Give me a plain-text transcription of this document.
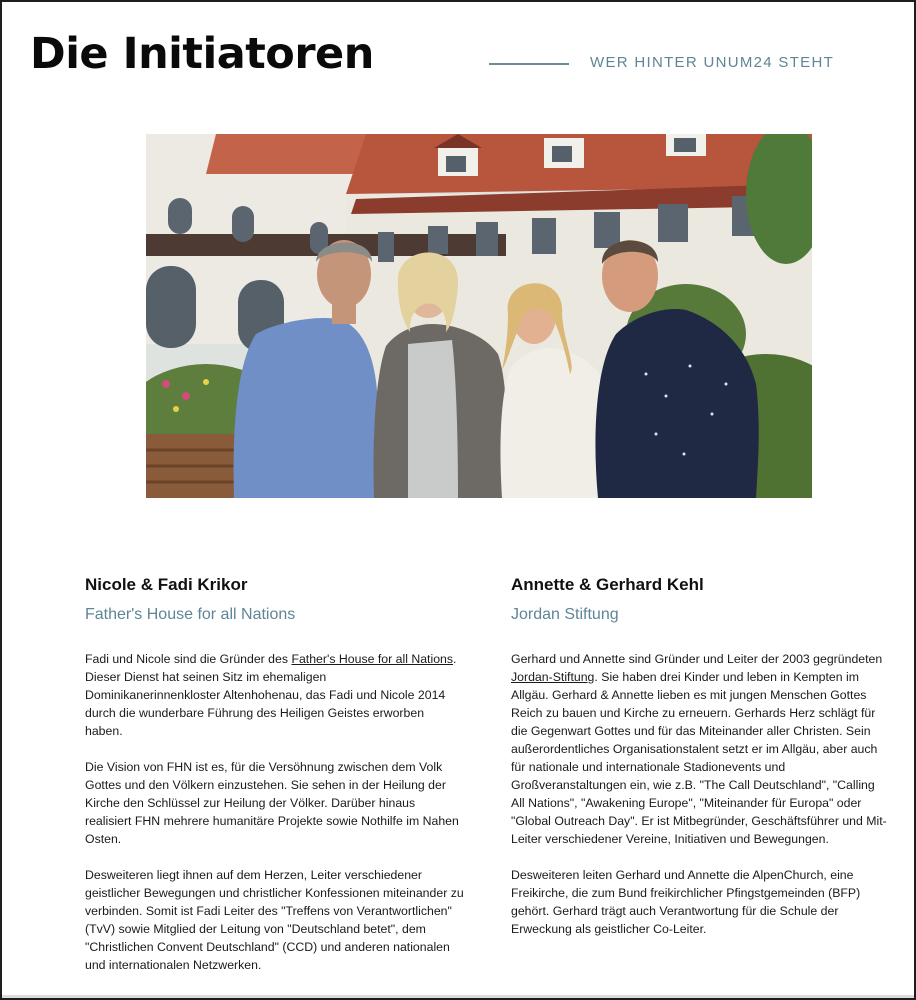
Die Initiatoren	WER HINTER UNUM24 STEHT
Nicole & Fadi Krikor
Father's House for all Nations

Fadi und Nicole sind die Gründer des Father's House for all Nations. Dieser Dienst hat seinen Sitz im ehemaligen Dominikanerinnenkloster Altenhohenau, das Fadi und Nicole 2014 durch die wunderbare Führung des Heiligen Geistes erworben haben.

Die Vision von FHN ist es, für die Versöhnung zwischen dem Volk Gottes und den Völkern einzustehen. Sie sehen in der Heilung der Kirche den Schlüssel zur Heilung der Völker. Darüber hinaus realisiert FHN mehrere humanitäre Projekte sowie Nothilfe im Nahen Osten.

Desweiteren liegt ihnen auf dem Herzen, Leiter verschiedener geistlicher Bewegungen und christlicher Konfessionen miteinander zu verbinden. Somit ist Fadi Leiter des "Treffens von Verantwortlichen" (TvV) sowie Mitglied der Leitung von "Deutschland betet", dem "Christlichen Convent Deutschland" (CCD) und anderen nationalen und internationalen Netzwerken.

Annette & Gerhard Kehl
Jordan Stiftung

Gerhard und Annette sind Gründer und Leiter der 2003 gegründeten Jordan-Stiftung. Sie haben drei Kinder und leben in Kempten im Allgäu. Gerhard & Annette lieben es mit jungen Menschen Gottes Reich zu bauen und Kirche zu erneuern. Gerhards Herz schlägt für die Gegenwart Gottes und für das Miteinander aller Christen. Sein außerordentliches Organisationstalent setzt er im Allgäu, aber auch für nationale und internationale Stadionevents und Großveranstaltungen ein, wie z.B. "The Call Deutschland", "Calling All Nations", "Awakening Europe", "Miteinander für Europa" oder "Global Outreach Day". Er ist Mitbegründer, Geschäftsführer und Mit-Leiter verschiedener Vereine, Initiativen und Bewegungen.

Desweiteren leiten Gerhard und Annette die AlpenChurch, eine Freikirche, die zum Bund freikirchlicher Pfingstgemeinden (BFP) gehört. Gerhard trägt auch Verantwortung für die Schule der Erweckung als geistlicher Co-Leiter.
